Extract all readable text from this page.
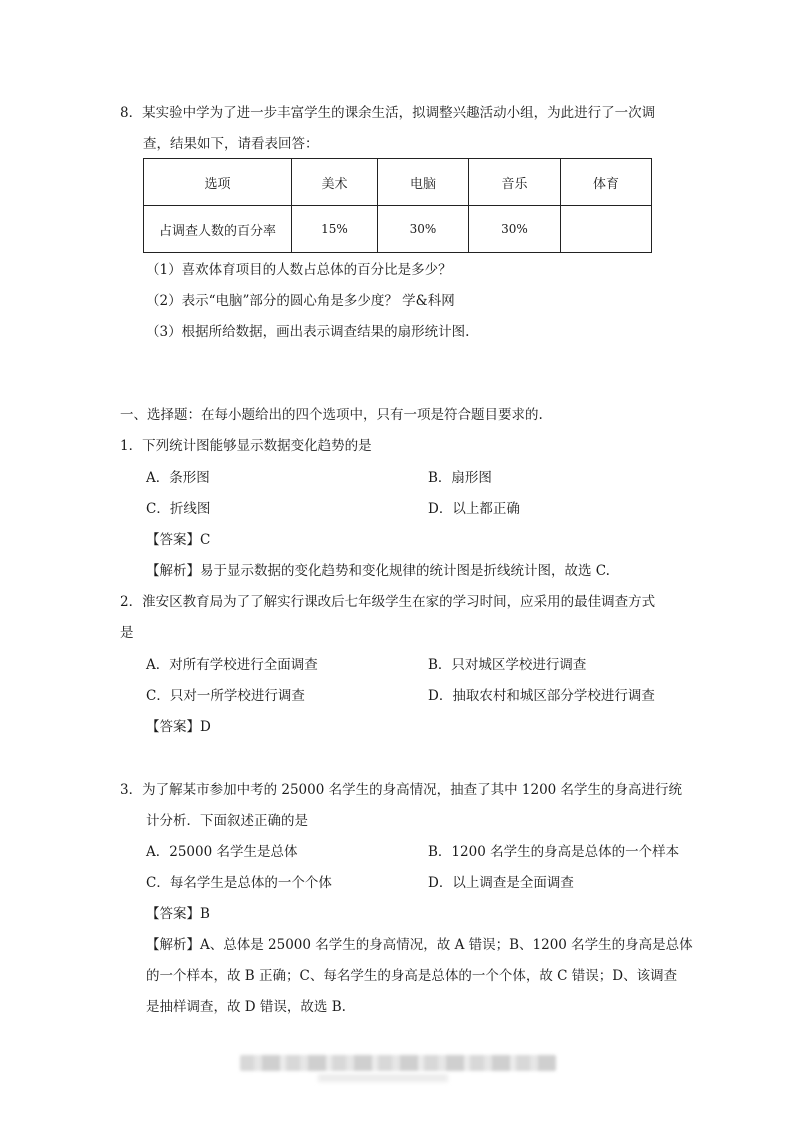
8．某实验中学为了进一步丰富学生的课余生活，拟调整兴趣活动小组，为此进行了一次调
查，结果如下，请看表回答：
选项	美术	电脑	音乐	体育
占调查人数的百分率	15%	30%	30%	
（1）喜欢体育项目的人数占总体的百分比是多少？
（2）表示“电脑”部分的圆心角是多少度？ 学&科网
（3）根据所给数据，画出表示调查结果的扇形统计图.
一、选择题：在每小题给出的四个选项中，只有一项是符合题目要求的.
1．下列统计图能够显示数据变化趋势的是
A．条形图	B．扇形图
C．折线图	D．以上都正确
【答案】C
【解析】易于显示数据的变化趋势和变化规律的统计图是折线统计图，故选 C.
2．淮安区教育局为了了解实行课改后七年级学生在家的学习时间，应采用的最佳调查方式
是
A．对所有学校进行全面调查	B．只对城区学校进行调查
C．只对一所学校进行调查	D．抽取农村和城区部分学校进行调查
【答案】D
3．为了解某市参加中考的 25000 名学生的身高情况，抽查了其中 1200 名学生的身高进行统
计分析．下面叙述正确的是
A．25000 名学生是总体	B．1200 名学生的身高是总体的一个样本
C．每名学生是总体的一个个体	D．以上调查是全面调查
【答案】B
【解析】A、总体是 25000 名学生的身高情况，故 A 错误；B、1200 名学生的身高是总体
的一个样本，故 B 正确；C、每名学生的身高是总体的一个个体，故 C 错误；D、该调查
是抽样调查，故 D 错误，故选 B.
